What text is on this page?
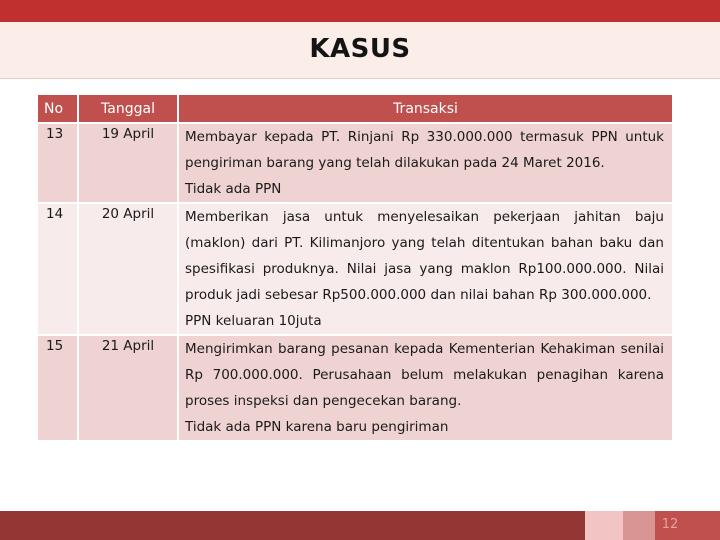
KASUS
No	Tanggal	Transaksi

13	19 April	Membayar kepada PT. Rinjani Rp 330.000.000 termasuk PPN untuk pengiriman barang yang telah dilakukan pada 24 Maret 2016.

Tidak ada PPN

14	20 April	Memberikan jasa untuk menyelesaikan pekerjaan jahitan baju (maklon) dari PT. Kilimanjoro yang telah ditentukan bahan baku dan spesifikasi produknya. Nilai jasa yang maklon Rp100.000.000. Nilai produk jadi sebesar Rp500.000.000 dan nilai bahan Rp 300.000.000.

PPN keluaran 10juta

15	21 April	Mengirimkan barang pesanan kepada Kementerian Kehakiman senilai Rp 700.000.000. Perusahaan belum melakukan penagihan karena proses inspeksi dan pengecekan barang.

Tidak ada PPN karena baru pengiriman

12
